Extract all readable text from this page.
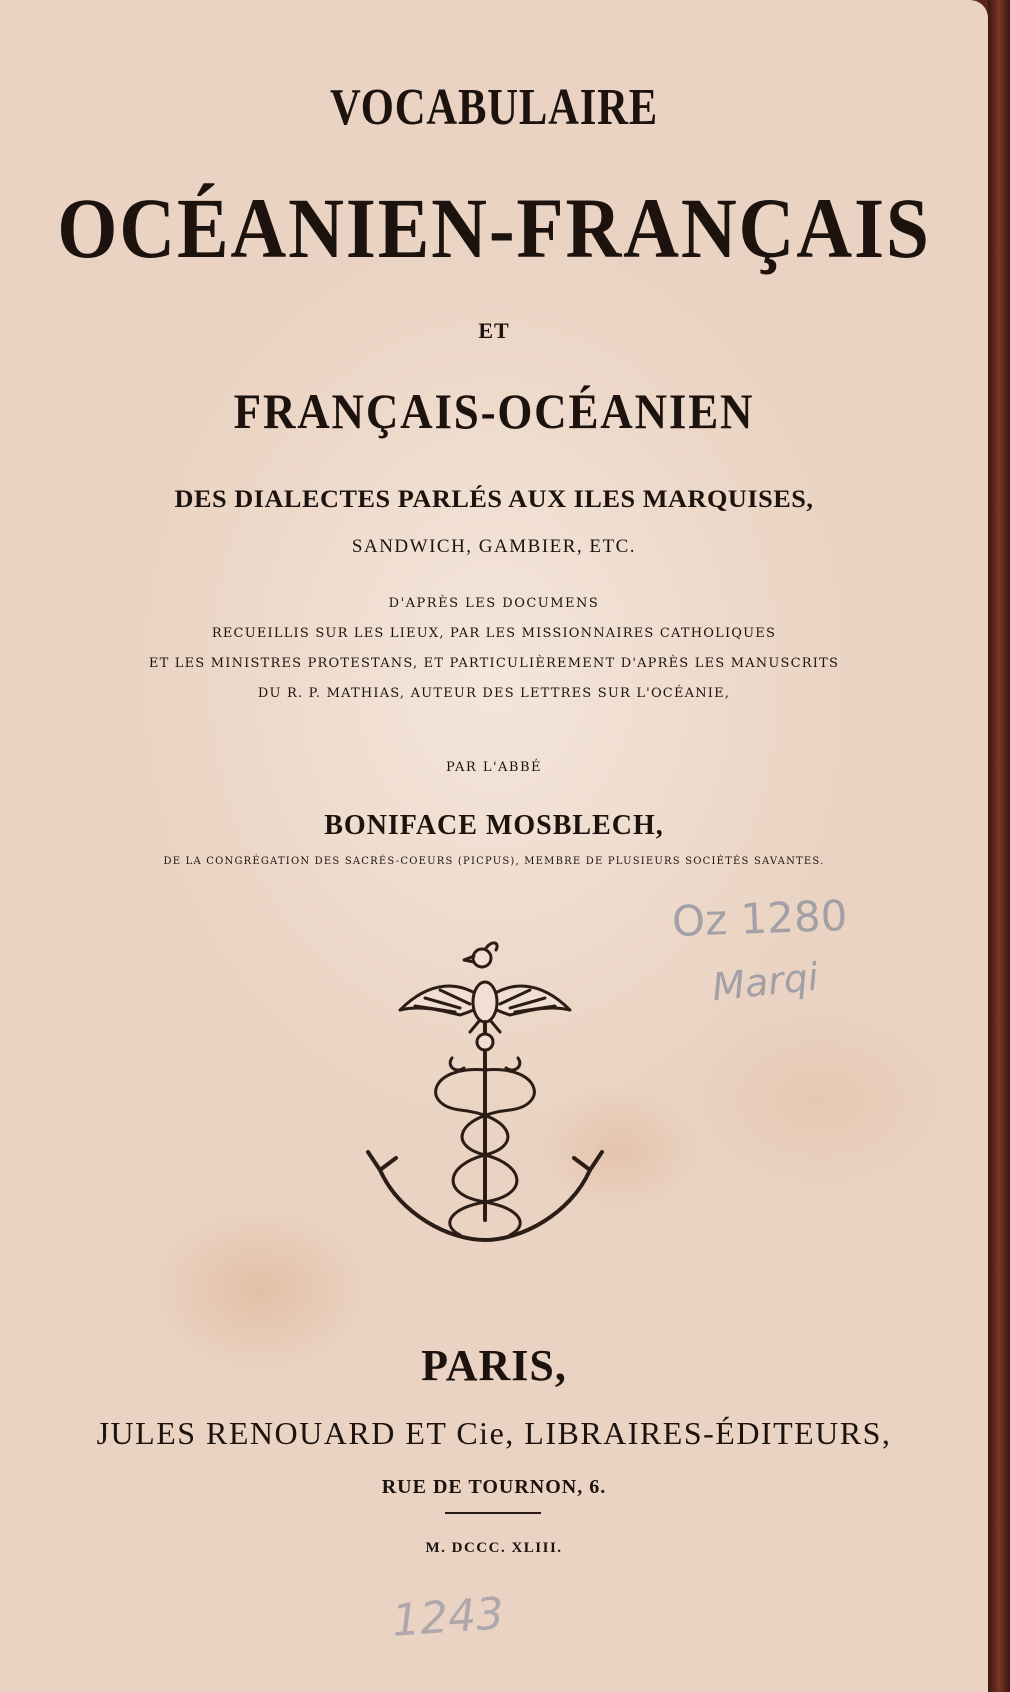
VOCABULAIRE
OCÉANIEN-FRANÇAIS
ET
FRANÇAIS-OCÉANIEN
DES DIALECTES PARLÉS AUX ILES MARQUISES,
SANDWICH, GAMBIER, ETC.
D'APRÈS LES DOCUMENS
RECUEILLIS SUR LES LIEUX, PAR LES MISSIONNAIRES CATHOLIQUES
ET LES MINISTRES PROTESTANS, ET PARTICULIÈREMENT D'APRÈS LES MANUSCRITS
DU R. P. MATHIAS, AUTEUR DES LETTRES SUR L'OCÉANIE,
PAR L'ABBÉ
BONIFACE MOSBLECH,
DE LA CONGRÉGATION DES SACRÉS-COEURS (PICPUS), MEMBRE DE PLUSIEURS SOCIÉTÉS SAVANTES.
Oz 1280
Marqi
PARIS,
JULES RENOUARD ET Cie, LIBRAIRES-ÉDITEURS,
RUE DE TOURNON, 6.
M. DCCC. XLIII.
1243
